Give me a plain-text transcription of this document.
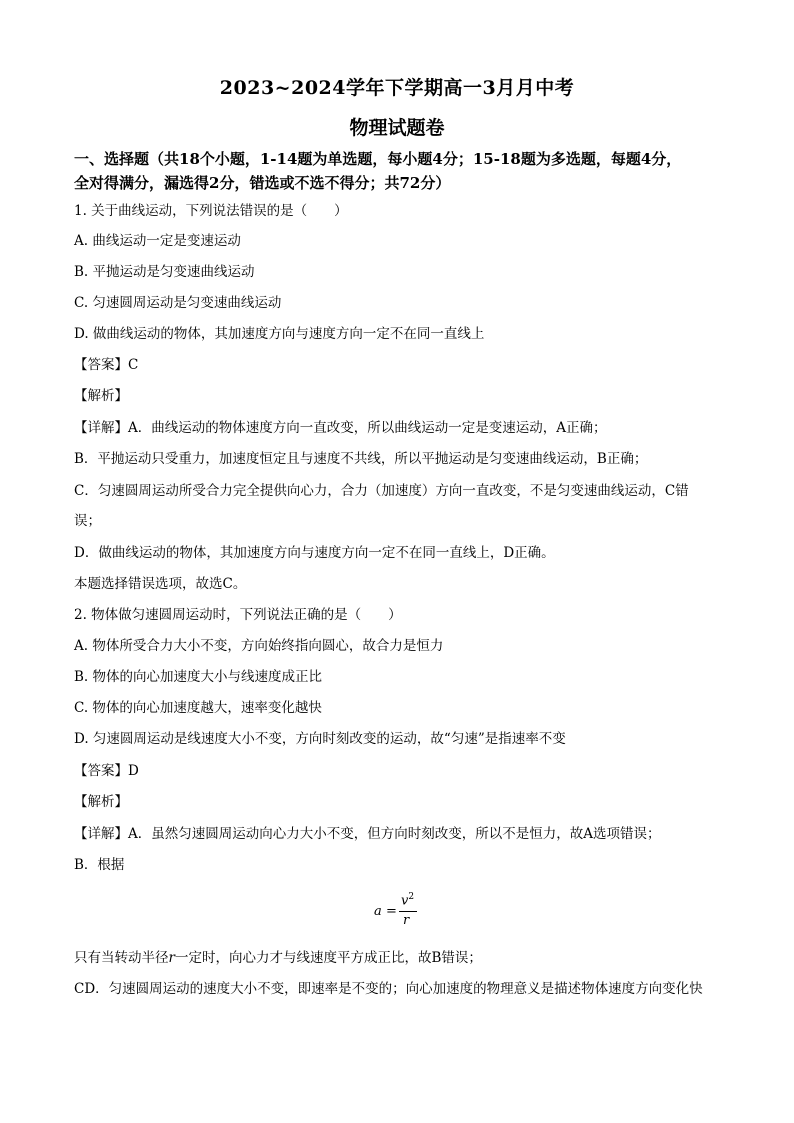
2023~2024学年下学期高一3月月中考
物理试题卷
一、选择题（共18个小题，1-14题为单选题，每小题4分；15-18题为多选题，每题4分，
全对得满分，漏选得2分，错选或不选不得分；共72分）
1. 关于曲线运动，下列说法错误的是（　　）
A. 曲线运动一定是变速运动
B. 平抛运动是匀变速曲线运动
C. 匀速圆周运动是匀变速曲线运动
D. 做曲线运动的物体，其加速度方向与速度方向一定不在同一直线上
【答案】C
【解析】
【详解】A．曲线运动的物体速度方向一直改变，所以曲线运动一定是变速运动，A正确；
B．平抛运动只受重力，加速度恒定且与速度不共线，所以平抛运动是匀变速曲线运动，B正确；
C．匀速圆周运动所受合力完全提供向心力，合力（加速度）方向一直改变，不是匀变速曲线运动，C错
误；
D．做曲线运动的物体，其加速度方向与速度方向一定不在同一直线上，D正确。
本题选择错误选项，故选C。
2. 物体做匀速圆周运动时，下列说法正确的是（　　）
A. 物体所受合力大小不变，方向始终指向圆心，故合力是恒力
B. 物体的向心加速度大小与线速度成正比
C. 物体的向心加速度越大，速率变化越快
D. 匀速圆周运动是线速度大小不变，方向时刻改变的运动，故“匀速”是指速率不变
【答案】D
【解析】
【详解】A．虽然匀速圆周运动向心力大小不变，但方向时刻改变，所以不是恒力，故A选项错误；
B．根据
a =
$v^2$
r
只有当转动半径r一定时，向心力才与线速度平方成正比，故B错误；
CD．匀速圆周运动的速度大小不变，即速率是不变的；向心加速度的物理意义是描述物体速度方向变化快
